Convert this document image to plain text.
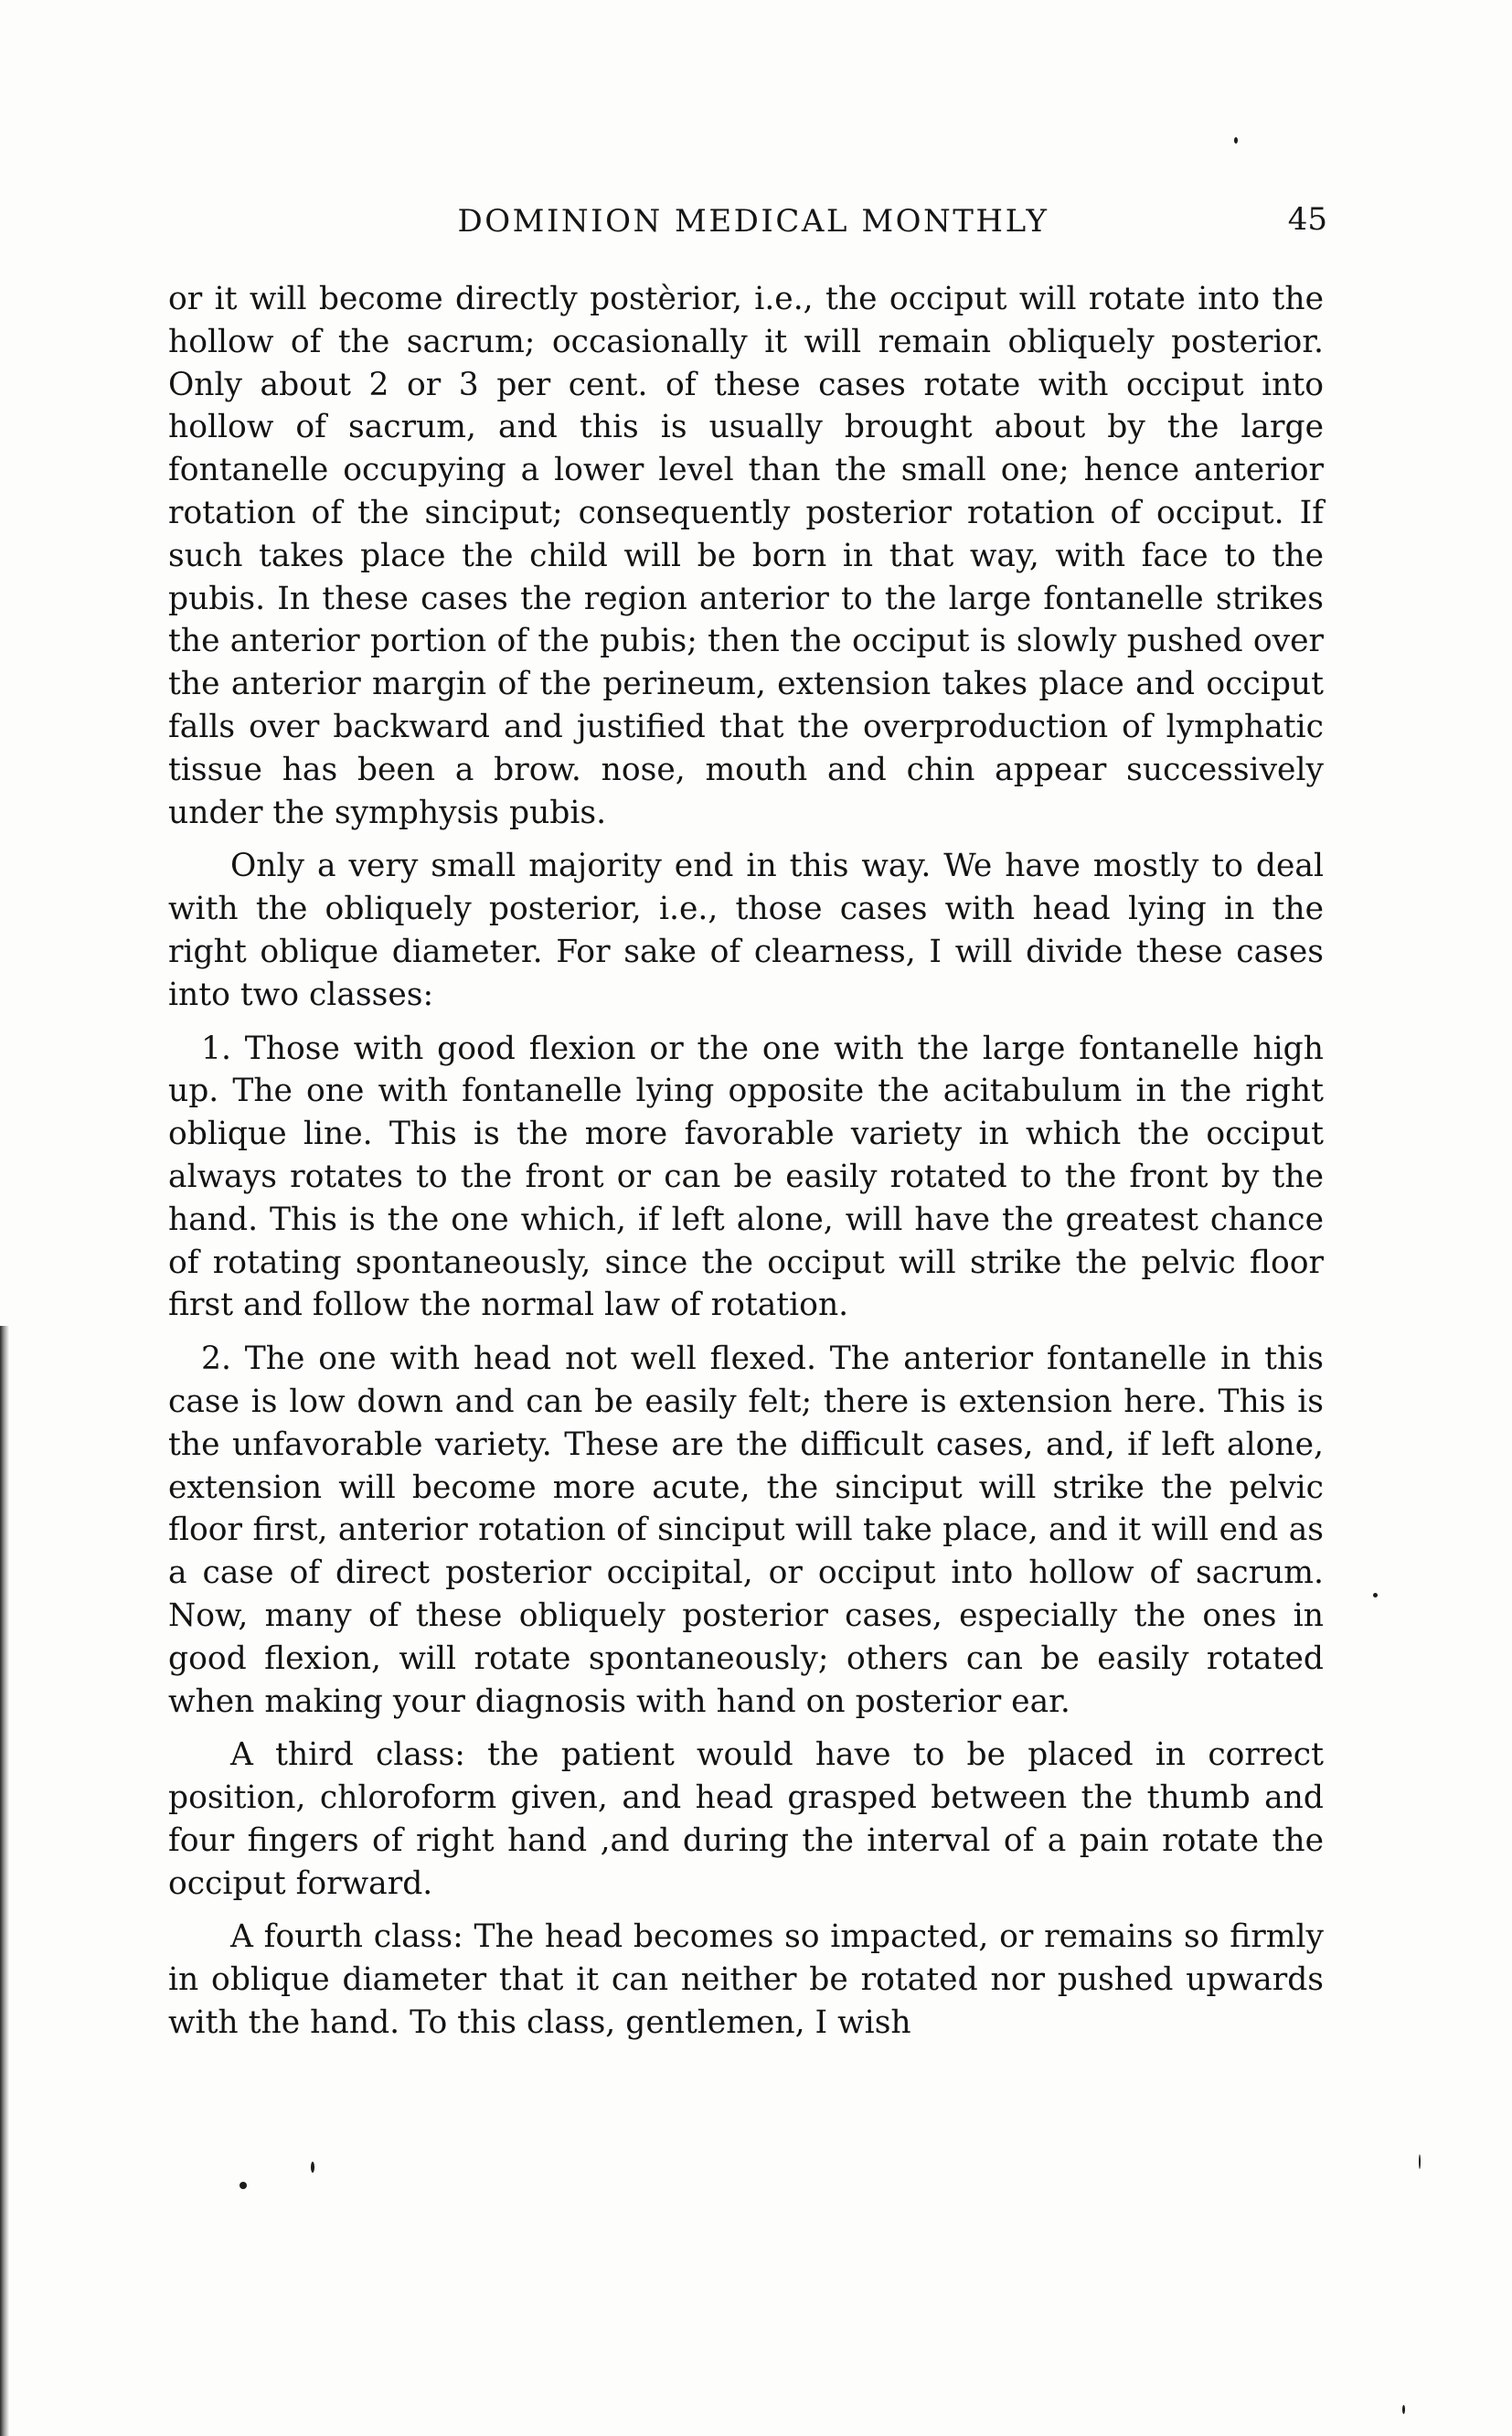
DOMINION MEDICAL MONTHLY	45

or it will become directly postèrior, i.e., the occiput will rotate into the hollow of the sacrum; occasionally it will remain obliquely posterior. Only about 2 or 3 per cent. of these cases rotate with occiput into hollow of sacrum, and this is usually brought about by the large fontanelle occupying a lower level than the small one; hence anterior rotation of the sinciput; consequently posterior rotation of occiput. If such takes place the child will be born in that way, with face to the pubis. In these cases the region anterior to the large fontanelle strikes the anterior portion of the pubis; then the occiput is slowly pushed over the anterior margin of the perineum, extension takes place and occiput falls over backward and justified that the overproduction of lymphatic tissue has been a brow. nose, mouth and chin appear successively under the symphysis pubis.

Only a very small majority end in this way. We have mostly to deal with the obliquely posterior, i.e., those cases with head lying in the right oblique diameter. For sake of clearness, I will divide these cases into two classes:

1. Those with good flexion or the one with the large fontanelle high up. The one with fontanelle lying opposite the acitabulum in the right oblique line. This is the more favorable variety in which the occiput always rotates to the front or can be easily rotated to the front by the hand. This is the one which, if left alone, will have the greatest chance of rotating spontaneously, since the occiput will strike the pelvic floor first and follow the normal law of rotation.

2. The one with head not well flexed. The anterior fontanelle in this case is low down and can be easily felt; there is extension here. This is the unfavorable variety. These are the difficult cases, and, if left alone, extension will become more acute, the sinciput will strike the pelvic floor first, anterior rotation of sinciput will take place, and it will end as a case of direct posterior occipital, or occiput into hollow of sacrum. Now, many of these obliquely posterior cases, especially the ones in good flexion, will rotate spontaneously; others can be easily rotated when making your diagnosis with hand on posterior ear.

A third class: the patient would have to be placed in correct position, chloroform given, and head grasped between the thumb and four fingers of right hand ,and during the interval of a pain rotate the occiput forward.

A fourth class: The head becomes so impacted, or remains so firmly in oblique diameter that it can neither be rotated nor pushed upwards with the hand. To this class, gentlemen, I wish
